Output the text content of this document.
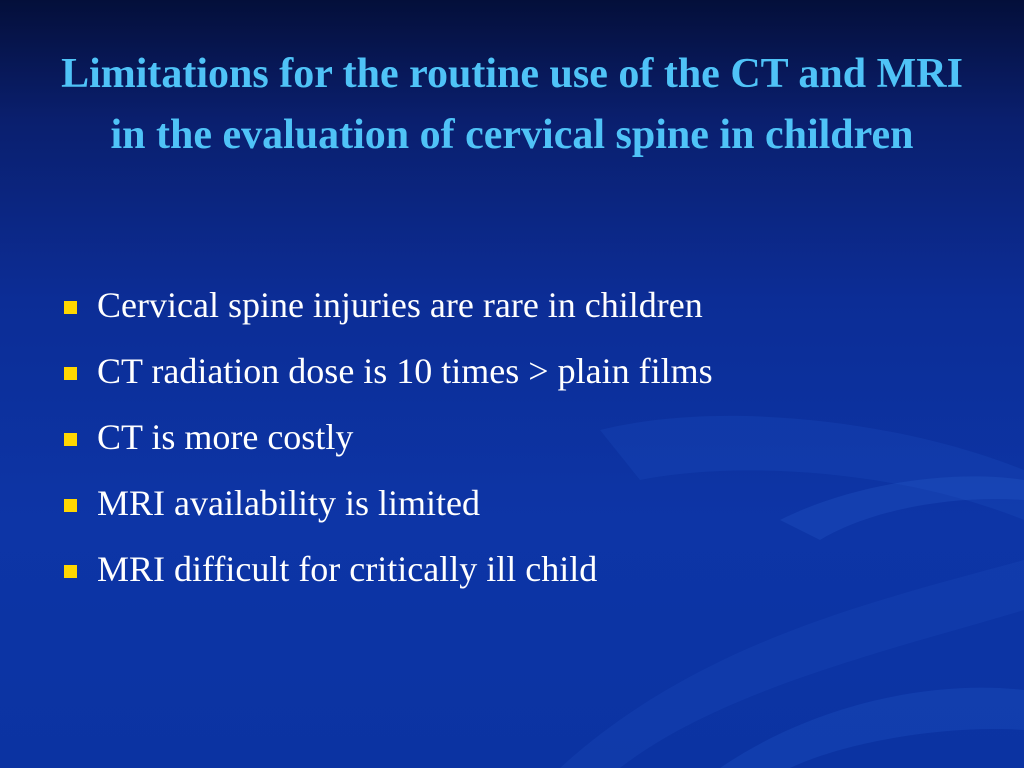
Limitations for the routine use of the CT and MRI in the evaluation of cervical spine in children
Cervical spine injuries are rare in children
CT radiation dose is 10 times > plain films
CT is more costly
MRI availability is limited
MRI difficult for critically ill child
